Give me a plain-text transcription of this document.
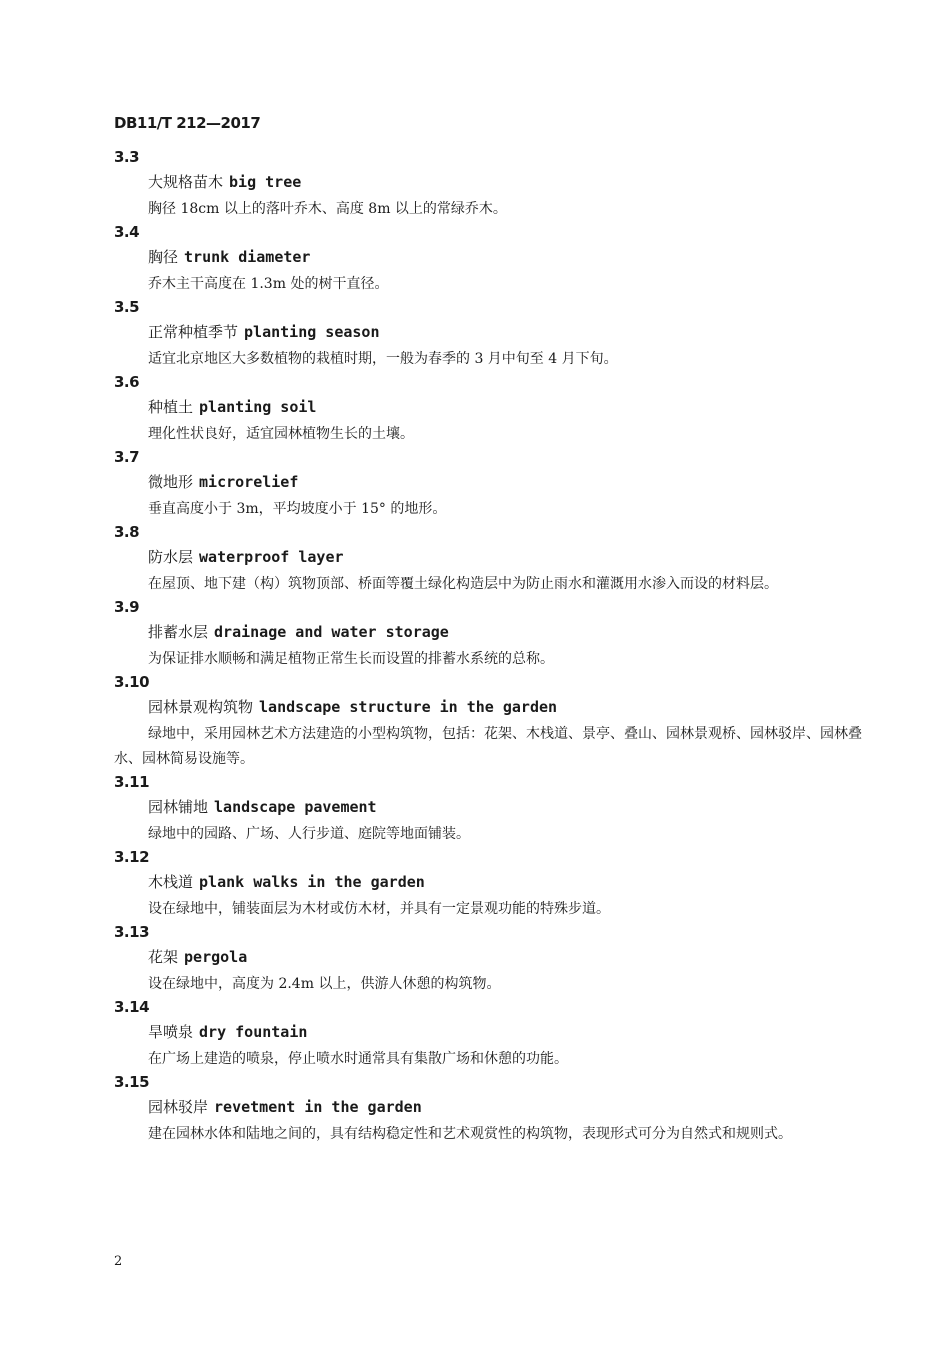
DB11/T 212—2017
3.3
大规格苗木 big tree

胸径 18cm 以上的落叶乔木、高度 8m 以上的常绿乔木。

3.4
胸径 trunk diameter

乔木主干高度在 1.3m 处的树干直径。

3.5
正常种植季节 planting season

适宜北京地区大多数植物的栽植时期，一般为春季的 3 月中旬至 4 月下旬。

3.6
种植土 planting soil

理化性状良好，适宜园林植物生长的土壤。

3.7
微地形 microrelief

垂直高度小于 3m，平均坡度小于 15° 的地形。

3.8
防水层 waterproof layer

在屋顶、地下建（构）筑物顶部、桥面等覆土绿化构造层中为防止雨水和灌溉用水渗入而设的材料层。

3.9
排蓄水层 drainage and water storage

为保证排水顺畅和满足植物正常生长而设置的排蓄水系统的总称。

3.10
园林景观构筑物 landscape structure in the garden

绿地中，采用园林艺术方法建造的小型构筑物，包括：花架、木栈道、景亭、叠山、园林景观桥、园林驳岸、园林叠水、园林简易设施等。

3.11
园林铺地 landscape pavement

绿地中的园路、广场、人行步道、庭院等地面铺装。

3.12
木栈道 plank walks in the garden

设在绿地中，铺装面层为木材或仿木材，并具有一定景观功能的特殊步道。

3.13
花架 pergola

设在绿地中，高度为 2.4m 以上，供游人休憩的构筑物。

3.14
旱喷泉 dry fountain

在广场上建造的喷泉，停止喷水时通常具有集散广场和休憩的功能。

3.15
园林驳岸 revetment in the garden

建在园林水体和陆地之间的，具有结构稳定性和艺术观赏性的构筑物，表现形式可分为自然式和规则式。

2
